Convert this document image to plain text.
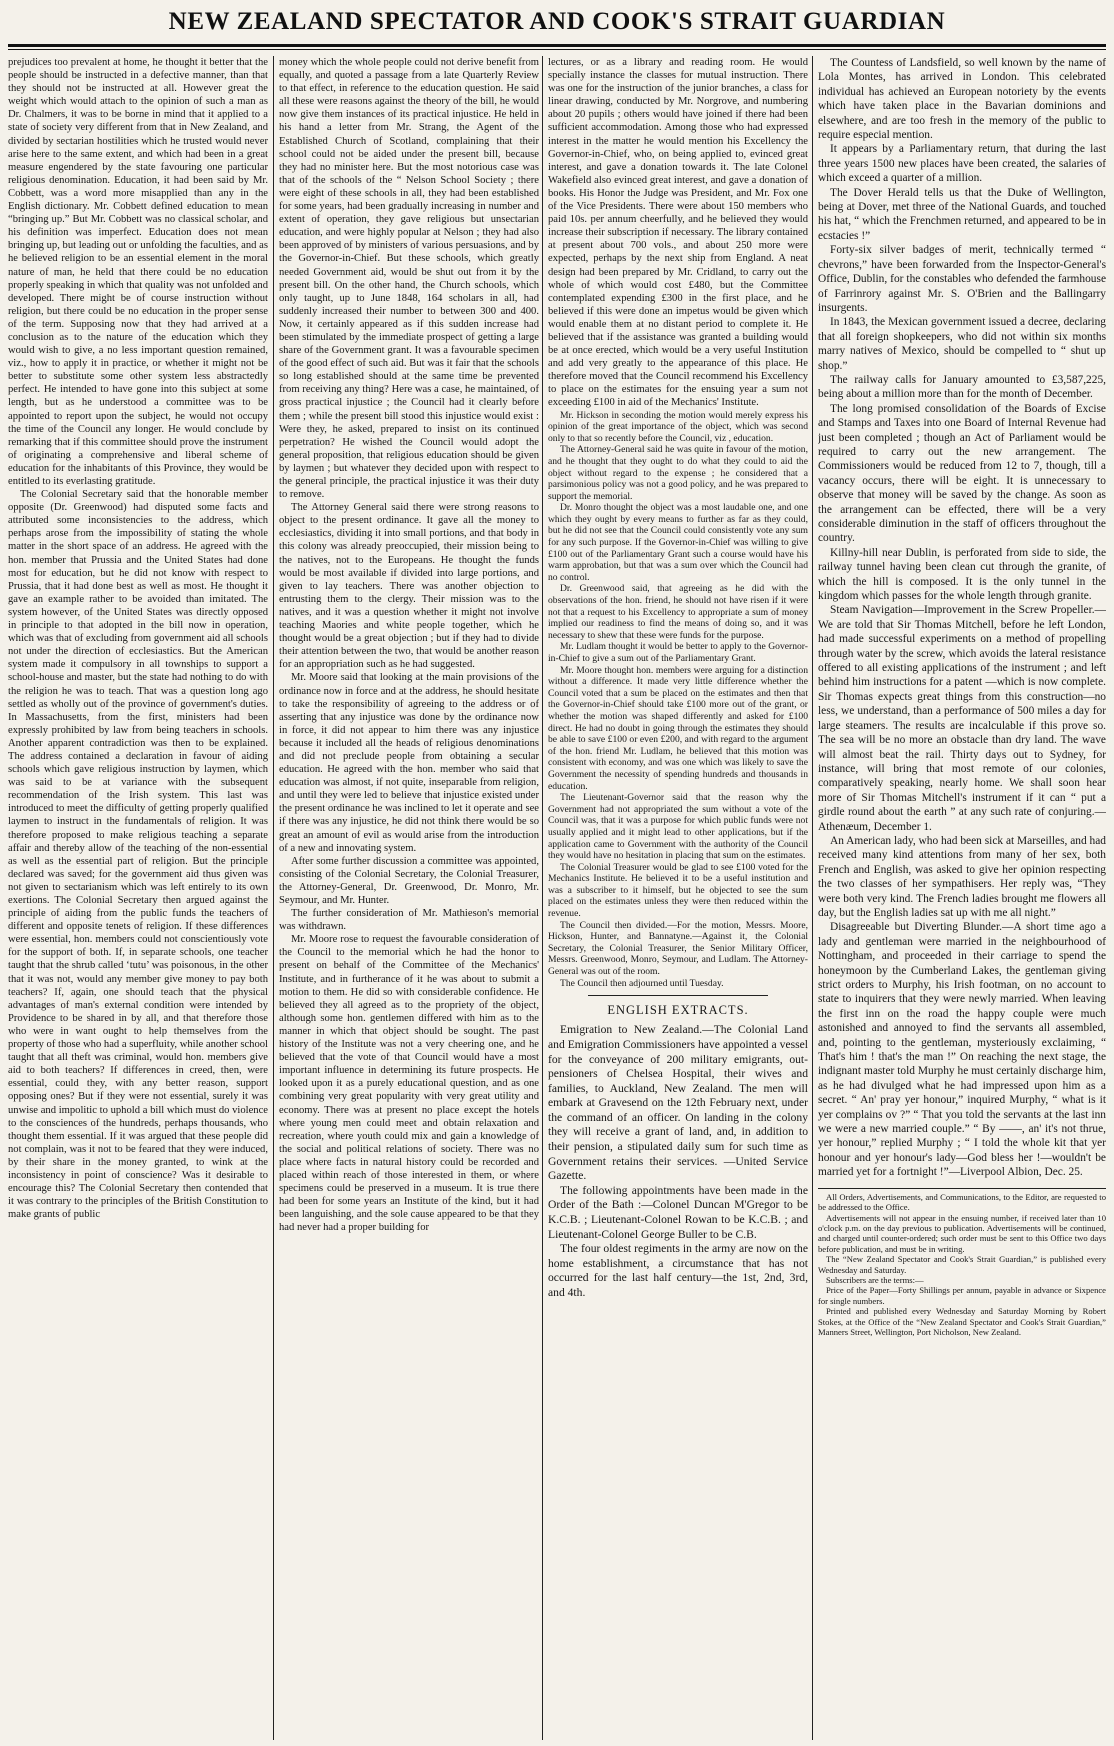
NEW ZEALAND SPECTATOR AND COOK'S STRAIT GUARDIAN

prejudices too prevalent at home, he thought it better that the people should be instructed in a defective manner, than that they should not be instructed at all. However great the weight which would attach to the opinion of such a man as Dr. Chalmers, it was to be borne in mind that it applied to a state of society very different from that in New Zealand, and divided by sectarian hostilities which he trusted would never arise here to the same extent, and which had been in a great measure engendered by the state favouring one particular religious denomination. Education, it had been said by Mr. Cobbett, was a word more misapplied than any in the English dictionary. Mr. Cobbett defined education to mean “bringing up.” But Mr. Cobbett was no classical scholar, and his definition was imperfect. Education does not mean bringing up, but leading out or unfolding the faculties, and as he believed religion to be an essential element in the moral nature of man, he held that there could be no education properly speaking in which that quality was not unfolded and developed. There might be of course instruction without religion, but there could be no education in the proper sense of the term. Supposing now that they had arrived at a conclusion as to the nature of the education which they would wish to give, a no less important question remained, viz., how to apply it in practice, or whether it might not be better to substitute some other system less abstractedly perfect. He intended to have gone into this subject at some length, but as he understood a committee was to be appointed to report upon the subject, he would not occupy the time of the Council any longer. He would conclude by remarking that if this committee should prove the instrument of originating a comprehensive and liberal scheme of education for the inhabitants of this Province, they would be entitled to its everlasting gratitude.

The Colonial Secretary said that the honorable member opposite (Dr. Greenwood) had disputed some facts and attributed some inconsistencies to the address, which perhaps arose from the impossibility of stating the whole matter in the short space of an address. He agreed with the hon. member that Prussia and the United States had done most for education, but he did not know with respect to Prussia, that it had done best as well as most. He thought it gave an example rather to be avoided than imitated. The system however, of the United States was directly opposed in principle to that adopted in the bill now in operation, which was that of excluding from government aid all schools not under the direction of ecclesiastics. But the American system made it compulsory in all townships to support a school-house and master, but the state had nothing to do with the religion he was to teach. That was a question long ago settled as wholly out of the province of government's duties. In Massachusetts, from the first, ministers had been expressly prohibited by law from being teachers in schools. Another apparent contradiction was then to be explained. The address contained a declaration in favour of aiding schools which gave religious instruction by laymen, which was said to be at variance with the subsequent recommendation of the Irish system. This last was introduced to meet the difficulty of getting properly qualified laymen to instruct in the fundamentals of religion. It was therefore proposed to make religious teaching a separate affair and thereby allow of the teaching of the non-essential as well as the essential part of religion. But the principle declared was saved; for the government aid thus given was not given to sectarianism which was left entirely to its own exertions. The Colonial Secretary then argued against the principle of aiding from the public funds the teachers of different and opposite tenets of religion. If these differences were essential, hon. members could not conscientiously vote for the support of both. If, in separate schools, one teacher taught that the shrub called ‘tutu’ was poisonous, in the other that it was not, would any member give money to pay both teachers? If, again, one should teach that the physical advantages of man's external condition were intended by Providence to be shared in by all, and that therefore those who were in want ought to help themselves from the property of those who had a superfluity, while another school taught that all theft was criminal, would hon. members give aid to both teachers? If differences in creed, then, were essential, could they, with any better reason, support opposing ones? But if they were not essential, surely it was unwise and impolitic to uphold a bill which must do violence to the consciences of the hundreds, perhaps thousands, who thought them essential. If it was argued that these people did not complain, was it not to be feared that they were induced, by their share in the money granted, to wink at the inconsistency in point of conscience? Was it desirable to encourage this? The Colonial Secretary then contended that it was contrary to the principles of the British Constitution to make grants of public

money which the whole people could not derive benefit from equally, and quoted a passage from a late Quarterly Review to that effect, in reference to the education question. He said all these were reasons against the theory of the bill, he would now give them instances of its practical injustice. He held in his hand a letter from Mr. Strang, the Agent of the Established Church of Scotland, complaining that their school could not be aided under the present bill, because they had no minister here. But the most notorious case was that of the schools of the “ Nelson School Society ; there were eight of these schools in all, they had been established for some years, had been gradually increasing in number and extent of operation, they gave religious but unsectarian education, and were highly popular at Nelson ; they had also been approved of by ministers of various persuasions, and by the Governor-in-Chief. But these schools, which greatly needed Government aid, would be shut out from it by the present bill. On the other hand, the Church schools, which only taught, up to June 1848, 164 scholars in all, had suddenly increased their number to between 300 and 400. Now, it certainly appeared as if this sudden increase had been stimulated by the immediate prospect of getting a large share of the Government grant. It was a favourable specimen of the good effect of such aid. But was it fair that the schools so long established should at the same time be prevented from receiving any thing? Here was a case, he maintained, of gross practical injustice ; the Council had it clearly before them ; while the present bill stood this injustice would exist : Were they, he asked, prepared to insist on its continued perpetration? He wished the Council would adopt the general proposition, that religious education should be given by laymen ; but whatever they decided upon with respect to the general principle, the practical injustice it was their duty to remove.

The Attorney General said there were strong reasons to object to the present ordinance. It gave all the money to ecclesiastics, dividing it into small portions, and that body in this colony was already preoccupied, their mission being to the natives, not to the Europeans. He thought the funds would be most available if divided into large portions, and given to lay teachers. There was another objection to entrusting them to the clergy. Their mission was to the natives, and it was a question whether it might not involve teaching Maories and white people together, which he thought would be a great objection ; but if they had to divide their attention between the two, that would be another reason for an appropriation such as he had suggested.

Mr. Moore said that looking at the main provisions of the ordinance now in force and at the address, he should hesitate to take the responsibility of agreeing to the address or of asserting that any injustice was done by the ordinance now in force, it did not appear to him there was any injustice because it included all the heads of religious denominations and did not preclude people from obtaining a secular education. He agreed with the hon. member who said that education was almost, if not quite, inseparable from religion, and until they were led to believe that injustice existed under the present ordinance he was inclined to let it operate and see if there was any injustice, he did not think there would be so great an amount of evil as would arise from the introduction of a new and innovating system.

After some further discussion a committee was appointed, consisting of the Colonial Secretary, the Colonial Treasurer, the Attorney-General, Dr. Greenwood, Dr. Monro, Mr. Seymour, and Mr. Hunter.

The further consideration of Mr. Mathieson's memorial was withdrawn.

Mr. Moore rose to request the favourable consideration of the Council to the memorial which he had the honor to present on behalf of the Committee of the Mechanics' Institute, and in furtherance of it he was about to submit a motion to them. He did so with considerable confidence. He believed they all agreed as to the propriety of the object, although some hon. gentlemen differed with him as to the manner in which that object should be sought. The past history of the Institute was not a very cheering one, and he believed that the vote of that Council would have a most important influence in determining its future prospects. He looked upon it as a purely educational question, and as one combining very great popularity with very great utility and economy. There was at present no place except the hotels where young men could meet and obtain relaxation and recreation, where youth could mix and gain a knowledge of the social and political relations of society. There was no place where facts in natural history could be recorded and placed within reach of those interested in them, or where specimens could be preserved in a museum. It is true there had been for some years an Institute of the kind, but it had been languishing, and the sole cause appeared to be that they had never had a proper building for

lectures, or as a library and reading room. He would specially instance the classes for mutual instruction. There was one for the instruction of the junior branches, a class for linear drawing, conducted by Mr. Norgrove, and numbering about 20 pupils ; others would have joined if there had been sufficient accommodation. Among those who had expressed interest in the matter he would mention his Excellency the Governor-in-Chief, who, on being applied to, evinced great interest, and gave a donation towards it. The late Colonel Wakefield also evinced great interest, and gave a donation of books. His Honor the Judge was President, and Mr. Fox one of the Vice Presidents. There were about 150 members who paid 10s. per annum cheerfully, and he believed they would increase their subscription if necessary. The library contained at present about 700 vols., and about 250 more were expected, perhaps by the next ship from England. A neat design had been prepared by Mr. Cridland, to carry out the whole of which would cost £480, but the Committee contemplated expending £300 in the first place, and he believed if this were done an impetus would be given which would enable them at no distant period to complete it. He believed that if the assistance was granted a building would be at once erected, which would be a very useful Institution and add very greatly to the appearance of this place. He therefore moved that the Council recommend his Excellency to place on the estimates for the ensuing year a sum not exceeding £100 in aid of the Mechanics' Institute.

Mr. Hickson in seconding the motion would merely express his opinion of the great importance of the object, which was second only to that so recently before the Council, viz , education.

The Attorney-General said he was quite in favour of the motion, and he thought that they ought to do what they could to aid the object without regard to the expense ; he considered that a parsimonious policy was not a good policy, and he was prepared to support the memorial.

Dr. Monro thought the object was a most laudable one, and one which they ought by every means to further as far as they could, but he did not see that the Council could consistently vote any sum for any such purpose. If the Governor-in-Chief was willing to give £100 out of the Parliamentary Grant such a course would have his warm approbation, but that was a sum over which the Council had no control.

Dr. Greenwood said, that agreeing as he did with the observations of the hon. friend, he should not have risen if it were not that a request to his Excellency to appropriate a sum of money implied our readiness to find the means of doing so, and it was necessary to shew that these were funds for the purpose.

Mr. Ludlam thought it would be better to apply to the Governor-in-Chief to give a sum out of the Parliamentary Grant.

Mr. Moore thought hon. members were arguing for a distinction without a difference. It made very little difference whether the Council voted that a sum be placed on the estimates and then that the Governor-in-Chief should take £100 more out of the grant, or whether the motion was shaped differently and asked for £100 direct. He had no doubt in going through the estimates they should be able to save £100 or even £200, and with regard to the argument of the hon. friend Mr. Ludlam, he believed that this motion was consistent with economy, and was one which was likely to save the Government the necessity of spending hundreds and thousands in education.

The Lieutenant-Governor said that the reason why the Government had not appropriated the sum without a vote of the Council was, that it was a purpose for which public funds were not usually applied and it might lead to other applications, but if the application came to Government with the authority of the Council they would have no hesitation in placing that sum on the estimates.

The Colonial Treasurer would be glad to see £100 voted for the Mechanics Institute. He believed it to be a useful institution and was a subscriber to it himself, but he objected to see the sum placed on the estimates unless they were then reduced within the revenue.

The Council then divided.—For the motion, Messrs. Moore, Hickson, Hunter, and Bannatyne.—Against it, the Colonial Secretary, the Colonial Treasurer, the Senior Military Officer, Messrs. Greenwood, Monro, Seymour, and Ludlam. The Attorney-General was out of the room.

The Council then adjourned until Tuesday.

ENGLISH EXTRACTS.

Emigration to New Zealand.—The Colonial Land and Emigration Commissioners have appointed a vessel for the conveyance of 200 military emigrants, out-pensioners of Chelsea Hospital, their wives and families, to Auckland, New Zealand. The men will embark at Gravesend on the 12th February next, under the command of an officer. On landing in the colony they will receive a grant of land, and, in addition to their pension, a stipulated daily sum for such time as Government retains their services. —United Service Gazette.

The following appointments have been made in the Order of the Bath :—Colonel Duncan M'Gregor to be K.C.B. ; Lieutenant-Colonel Rowan to be K.C.B. ; and Lieutenant-Colonel George Buller to be C.B.

The four oldest regiments in the army are now on the home establishment, a circumstance that has not occurred for the last half century—the 1st, 2nd, 3rd, and 4th.

The Countess of Landsfield, so well known by the name of Lola Montes, has arrived in London. This celebrated individual has achieved an European notoriety by the events which have taken place in the Bavarian dominions and elsewhere, and are too fresh in the memory of the public to require especial mention.

It appears by a Parliamentary return, that during the last three years 1500 new places have been created, the salaries of which exceed a quarter of a million.

The Dover Herald tells us that the Duke of Wellington, being at Dover, met three of the National Guards, and touched his hat, “ which the Frenchmen returned, and appeared to be in ecstacies !”

Forty-six silver badges of merit, technically termed “ chevrons,” have been forwarded from the Inspector-General's Office, Dublin, for the constables who defended the farmhouse of Farrinrory against Mr. S. O'Brien and the Ballingarry insurgents.

In 1843, the Mexican government issued a decree, declaring that all foreign shopkeepers, who did not within six months marry natives of Mexico, should be compelled to “ shut up shop.”

The railway calls for January amounted to £3,587,225, being about a million more than for the month of December.

The long promised consolidation of the Boards of Excise and Stamps and Taxes into one Board of Internal Revenue had just been completed ; though an Act of Parliament would be required to carry out the new arrangement. The Commissioners would be reduced from 12 to 7, though, till a vacancy occurs, there will be eight. It is unnecessary to observe that money will be saved by the change. As soon as the arrangement can be effected, there will be a very considerable diminution in the staff of officers throughout the country.

Killny-hill near Dublin, is perforated from side to side, the railway tunnel having been clean cut through the granite, of which the hill is composed. It is the only tunnel in the kingdom which passes for the whole length through granite.

Steam Navigation—Improvement in the Screw Propeller.—We are told that Sir Thomas Mitchell, before he left London, had made successful experiments on a method of propelling through water by the screw, which avoids the lateral resistance offered to all existing applications of the instrument ; and left behind him instructions for a patent —which is now complete. Sir Thomas expects great things from this construction—no less, we understand, than a performance of 500 miles a day for large steamers. The results are incalculable if this prove so. The sea will be no more an obstacle than dry land. The wave will almost beat the rail. Thirty days out to Sydney, for instance, will bring that most remote of our colonies, comparatively speaking, nearly home. We shall soon hear more of Sir Thomas Mitchell's instrument if it can “ put a girdle round about the earth ” at any such rate of conjuring.— Athenæum, December 1.

An American lady, who had been sick at Marseilles, and had received many kind attentions from many of her sex, both French and English, was asked to give her opinion respecting the two classes of her sympathisers. Her reply was, “They were both very kind. The French ladies brought me flowers all day, but the English ladies sat up with me all night.”

Disagreeable but Diverting Blunder.—A short time ago a lady and gentleman were married in the neighbourhood of Nottingham, and proceeded in their carriage to spend the honeymoon by the Cumberland Lakes, the gentleman giving strict orders to Murphy, his Irish footman, on no account to state to inquirers that they were newly married. When leaving the first inn on the road the happy couple were much astonished and annoyed to find the servants all assembled, and, pointing to the gentleman, mysteriously exclaiming, “ That's him ! that's the man !” On reaching the next stage, the indignant master told Murphy he must certainly discharge him, as he had divulged what he had impressed upon him as a secret. “ An' pray yer honour,” inquired Murphy, “ what is it yer complains ov ?” “ That you told the servants at the last inn we were a new married couple.” “ By ——, an' it's not thrue, yer honour,” replied Murphy ; “ I told the whole kit that yer honour and yer honour's lady—God bless her !—wouldn't be married yet for a fortnight !”—Liverpool Albion, Dec. 25.

All Orders, Advertisements, and Communications, to the Editor, are requested to be addressed to the Office.

Advertisements will not appear in the ensuing number, if received later than 10 o'clock p.m. on the day previous to publication. Advertisements will be continued, and charged until counter-ordered; such order must be sent to this Office two days before publication, and must be in writing.

The “New Zealand Spectator and Cook's Strait Guardian,” is published every Wednesday and Saturday.

Subscribers are the terms:—

Price of the Paper—Forty Shillings per annum, payable in advance or Sixpence for single numbers.

Printed and published every Wednesday and Saturday Morning by Robert Stokes, at the Office of the “New Zealand Spectator and Cook's Strait Guardian,” Manners Street, Wellington, Port Nicholson, New Zealand.
